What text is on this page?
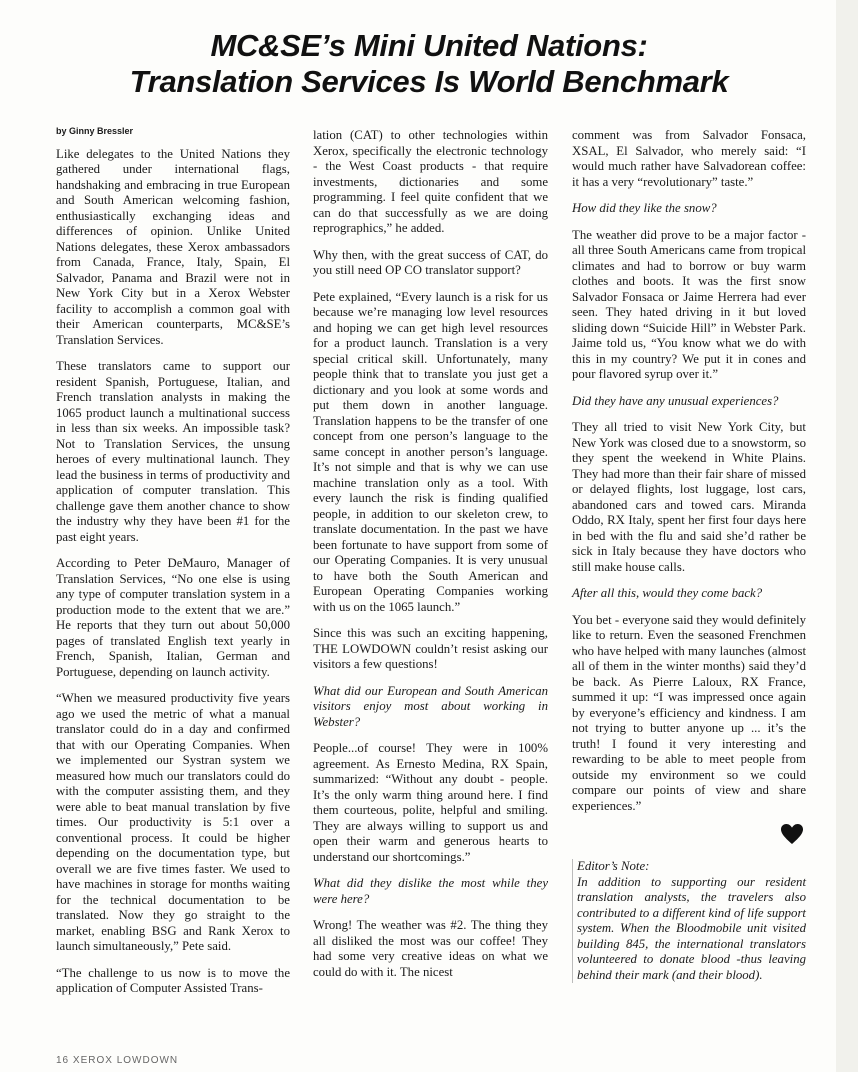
MC&SE’s Mini United Nations:
Translation Services Is World Benchmark
by Ginny Bressler

Like delegates to the United Nations they gathered under international flags, handshaking and embracing in true European and South American welcoming fashion, enthusiastically exchanging ideas and differences of opinion. Unlike United Nations delegates, these Xerox ambassadors from Canada, France, Italy, Spain, El Salvador, Panama and Brazil were not in New York City but in a Xerox Webster facility to accomplish a common goal with their American counterparts, MC&SE’s Translation Services.

These translators came to support our resident Spanish, Portuguese, Italian, and French translation analysts in making the 1065 product launch a multinational success in less than six weeks. An impossible task? Not to Translation Services, the unsung heroes of every multinational launch. They lead the business in terms of productivity and application of computer translation. This challenge gave them another chance to show the industry why they have been #1 for the past eight years.

According to Peter DeMauro, Manager of Translation Services, “No one else is using any type of computer translation system in a production mode to the extent that we are.” He reports that they turn out about 50,000 pages of translated English text yearly in French, Spanish, Italian, German and Portuguese, depending on launch activity.

“When we measured productivity five years ago we used the metric of what a manual translator could do in a day and confirmed that with our Operating Companies. When we implemented our Systran system we measured how much our translators could do with the computer assisting them, and they were able to beat manual translation by five times. Our productivity is 5:1 over a conventional process. It could be higher depending on the documentation type, but overall we are five times faster. We used to have machines in storage for months waiting for the technical documentation to be translated. Now they go straight to the market, enabling BSG and Rank Xerox to launch simultaneously,” Pete said.

“The challenge to us now is to move the application of Computer Assisted Trans-

lation (CAT) to other technologies within Xerox, specifically the electronic technology - the West Coast products - that require investments, dictionaries and some programming. I feel quite confident that we can do that successfully as we are doing reprographics,” he added.

Why then, with the great success of CAT, do you still need OP CO translator support?

Pete explained, “Every launch is a risk for us because we’re managing low level resources and hoping we can get high level resources for a product launch. Translation is a very special critical skill. Unfortunately, many people think that to translate you just get a dictionary and you look at some words and put them down in another language. Translation happens to be the transfer of one concept from one person’s language to the same concept in another person’s language. It’s not simple and that is why we can use machine translation only as a tool. With every launch the risk is finding qualified people, in addition to our skeleton crew, to translate documentation. In the past we have been fortunate to have support from some of our Operating Companies. It is very unusual to have both the South American and European Operating Companies working with us on the 1065 launch.”

Since this was such an exciting happening, THE LOWDOWN couldn’t resist asking our visitors a few questions!

What did our European and South American visitors enjoy most about working in Webster?

People...of course! They were in 100% agreement. As Ernesto Medina, RX Spain, summarized: “Without any doubt - people. It’s the only warm thing around here. I find them courteous, polite, helpful and smiling. They are always willing to support us and open their warm and generous hearts to understand our shortcomings.”

What did they dislike the most while they were here?

Wrong! The weather was #2. The thing they all disliked the most was our coffee! They had some very creative ideas on what we could do with it. The nicest

comment was from Salvador Fonsaca, XSAL, El Salvador, who merely said: “I would much rather have Salvadorean coffee: it has a very “revolutionary” taste.”

How did they like the snow?

The weather did prove to be a major factor - all three South Americans came from tropical climates and had to borrow or buy warm clothes and boots. It was the first snow Salvador Fonsaca or Jaime Herrera had ever seen. They hated driving in it but loved sliding down “Suicide Hill” in Webster Park. Jaime told us, “You know what we do with this in my country? We put it in cones and pour flavored syrup over it.”

Did they have any unusual experiences?

They all tried to visit New York City, but New York was closed due to a snowstorm, so they spent the weekend in White Plains. They had more than their fair share of missed or delayed flights, lost luggage, lost cars, abandoned cars and towed cars. Miranda Oddo, RX Italy, spent her first four days here in bed with the flu and said she’d rather be sick in Italy because they have doctors who still make house calls.

After all this, would they come back?

You bet - everyone said they would definitely like to return. Even the seasoned Frenchmen who have helped with many launches (almost all of them in the winter months) said they’d be back. As Pierre Laloux, RX France, summed it up: “I was impressed once again by everyone’s efficiency and kindness. I am not trying to butter anyone up ... it’s the truth! I found it very interesting and rewarding to be able to meet people from outside my environment so we could compare our points of view and share experiences.”

Editor’s Note:

In addition to supporting our resident translation analysts, the travelers also contributed to a different kind of life support system. When the Bloodmobile unit visited building 845, the international translators volunteered to donate blood -thus leaving behind their mark (and their blood).

16 XEROX LOWDOWN
